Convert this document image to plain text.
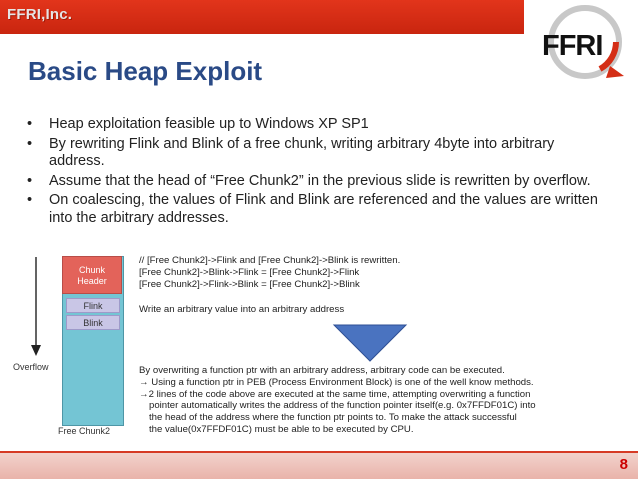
FFRI,Inc.
FFRI
Basic Heap Exploit
• Heap exploitation feasible up to Windows XP SP1
• By rewriting Flink and Blink of a free chunk, writing arbitrary 4byte into arbitrary address.
• Assume that the head of “Free Chunk2” in the previous slide is rewritten by overflow.
• On coalescing, the values of Flink and Blink are referenced and the values are written into the arbitrary addresses.
Overflow
Chunk
Header
Flink
Blink
Free Chunk2
// [Free Chunk2]->Flink and [Free Chunk2]->Blink is rewritten.
[Free Chunk2]->Blink->Flink = [Free Chunk2]->Flink
[Free Chunk2]->Flink->Blink = [Free Chunk2]->Blink
Write an arbitrary value into an arbitrary address
By overwriting a function ptr with an arbitrary address, arbitrary code can be executed.
→ Using a function ptr in PEB (Process Environment Block) is one of the well know methods.
→2 lines of the code above are executed at the same time, attempting overwriting a function
pointer automatically writes the address of the function pointer itself(e.g. 0x7FFDF01C) into
the head of the address where the function ptr points to. To make the attack successful
the value(0x7FFDF01C) must be able to be executed by CPU.
8
